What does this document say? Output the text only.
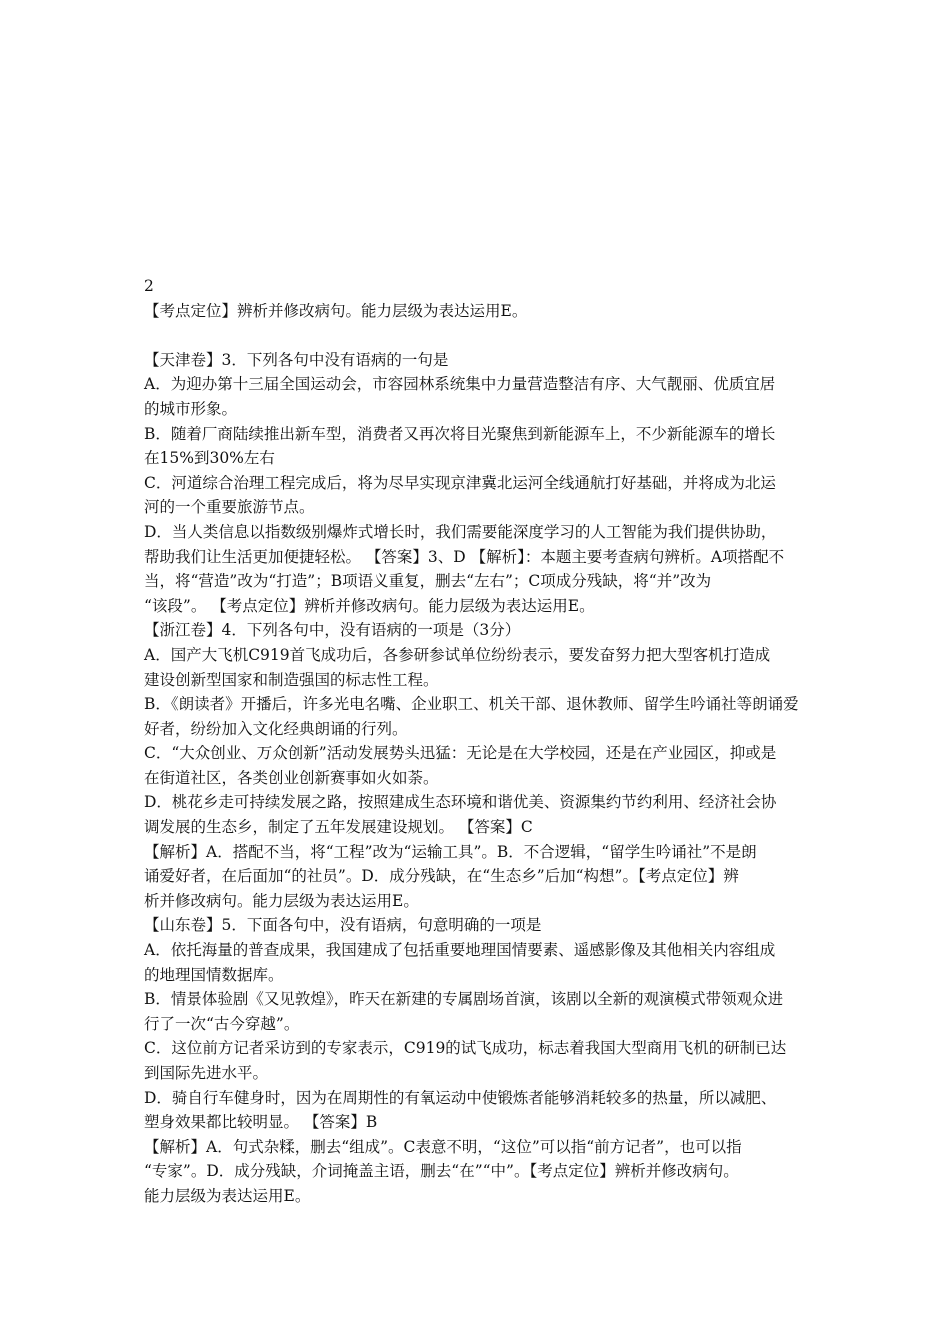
2
【考点定位】辨析并修改病句。能力层级为表达运用E。
【天津卷】3．下列各句中没有语病的一句是
A．为迎办第十三届全国运动会，市容园林系统集中力量营造整洁有序、大气靓丽、优质宜居
的城市形象。
B．随着厂商陆续推出新车型，消费者又再次将目光聚焦到新能源车上，不少新能源车的增长
在15%到30%左右
C．河道综合治理工程完成后，将为尽早实现京津冀北运河全线通航打好基础，并将成为北运
河的一个重要旅游节点。
D．当人类信息以指数级别爆炸式增长时，我们需要能深度学习的人工智能为我们提供协助，
帮助我们让生活更加便捷轻松。 【答案】3、D 【解析】：本题主要考查病句辨析。A项搭配不
当，将“营造”改为“打造”；B项语义重复，删去“左右”；C项成分残缺，将“并”改为
“该段”。 【考点定位】辨析并修改病句。能力层级为表达运用E。
【浙江卷】4．下列各句中，没有语病的一项是（3分）
A．国产大飞机C919首飞成功后，各参研参试单位纷纷表示，要发奋努力把大型客机打造成
建设创新型国家和制造强国的标志性工程。
B．《朗读者》开播后，许多光电名嘴、企业职工、机关干部、退休教师、留学生吟诵社等朗诵爱
好者，纷纷加入文化经典朗诵的行列。
C．“大众创业、万众创新”活动发展势头迅猛：无论是在大学校园，还是在产业园区，抑或是
在街道社区，各类创业创新赛事如火如荼。
D．桃花乡走可持续发展之路，按照建成生态环境和谐优美、资源集约节约利用、经济社会协
调发展的生态乡，制定了五年发展建设规划。 【答案】C
【解析】A．搭配不当，将“工程”改为“运输工具”。B．不合逻辑，“留学生吟诵社”不是朗
诵爱好者，在后面加“的社员”。D．成分残缺，在“生态乡”后加“构想”。【考点定位】辨
析并修改病句。能力层级为表达运用E。
【山东卷】5．下面各句中，没有语病，句意明确的一项是
A．依托海量的普查成果，我国建成了包括重要地理国情要素、遥感影像及其他相关内容组成
的地理国情数据库。
B．情景体验剧《又见敦煌》，昨天在新建的专属剧场首演，该剧以全新的观演模式带领观众进
行了一次“古今穿越”。
C．这位前方记者采访到的专家表示，C919的试飞成功，标志着我国大型商用飞机的研制已达
到国际先进水平。
D．骑自行车健身时，因为在周期性的有氧运动中使锻炼者能够消耗较多的热量，所以减肥、
塑身效果都比较明显。 【答案】B
【解析】A．句式杂糅，删去“组成”。C表意不明，“这位”可以指“前方记者”，也可以指
“专家”。D．成分残缺，介词掩盖主语，删去“在”“中”。【考点定位】辨析并修改病句。
能力层级为表达运用E。
